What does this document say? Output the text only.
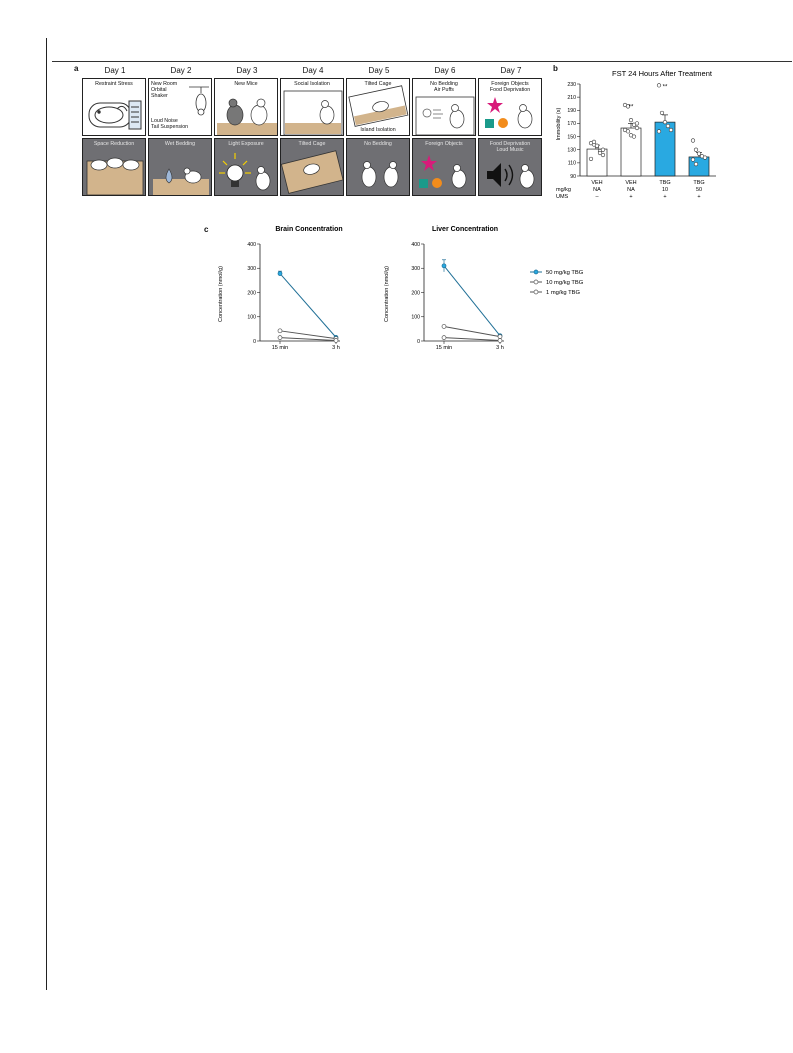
a	b
c
Day 1
Restraint Stress
Space Reduction
Day 2
New Room
Orbital
Shaker
Loud Noise
Tail Suspension
Wet Bedding
Day 3
New Mice
Light Exposure
Day 4
Social Isolation
Tilted Cage
Day 5
Tilted Cage
Island Isolation
No Bedding
Day 6
No Bedding
Air Puffs
Foreign Objects
Day 7
Foreign Objects
Food Deprivation
Food Deprivation
Loud Music
FST 24 Hours After Treatment
Immobility (s)
90
110
130
150
170
190
210
230
VEH
NA
–
**
VEH
NA
+
**
TBG
10
+
TBG
50
+
mg/kg
UMS
Brain Concentration
Concentration (nmol/g)
0
100
200
300
400
15 min	3 h
Liver Concentration
Concentration (nmol/g)
0
100
200
300
400
15 min	3 h
50 mg/kg TBG
10 mg/kg TBG
1 mg/kg TBG
